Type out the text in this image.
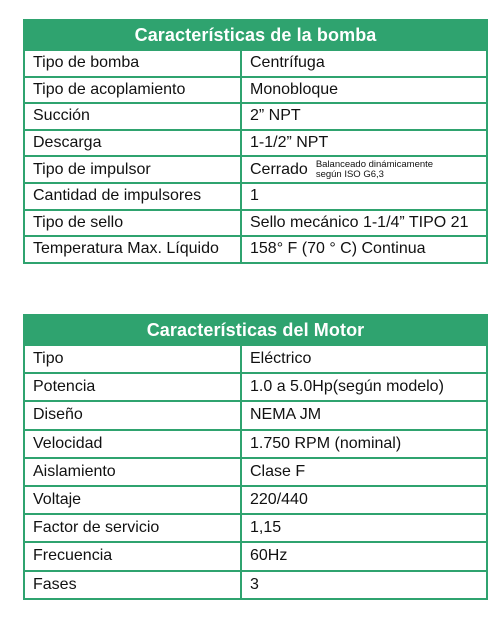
Características de la bomba
Tipo de bomba	Centrífuga
Tipo de acoplamiento	Monobloque
Succión	2” NPT
Descarga	1-1/2” NPT
Tipo de impulsor	Cerrado Balanceado dinámicamente
según ISO G6,3
Cantidad de impulsores	1
Tipo de sello	Sello mecánico 1-1/4” TIPO 21
Temperatura Max. Líquido	158° F (70 ° C) Continua
Características del Motor
Tipo	Eléctrico
Potencia	1.0 a 5.0Hp(según modelo)
Diseño	NEMA JM
Velocidad	1.750 RPM (nominal)
Aislamiento	Clase F
Voltaje	220/440
Factor de servicio	1,15
Frecuencia	60Hz
Fases	3
